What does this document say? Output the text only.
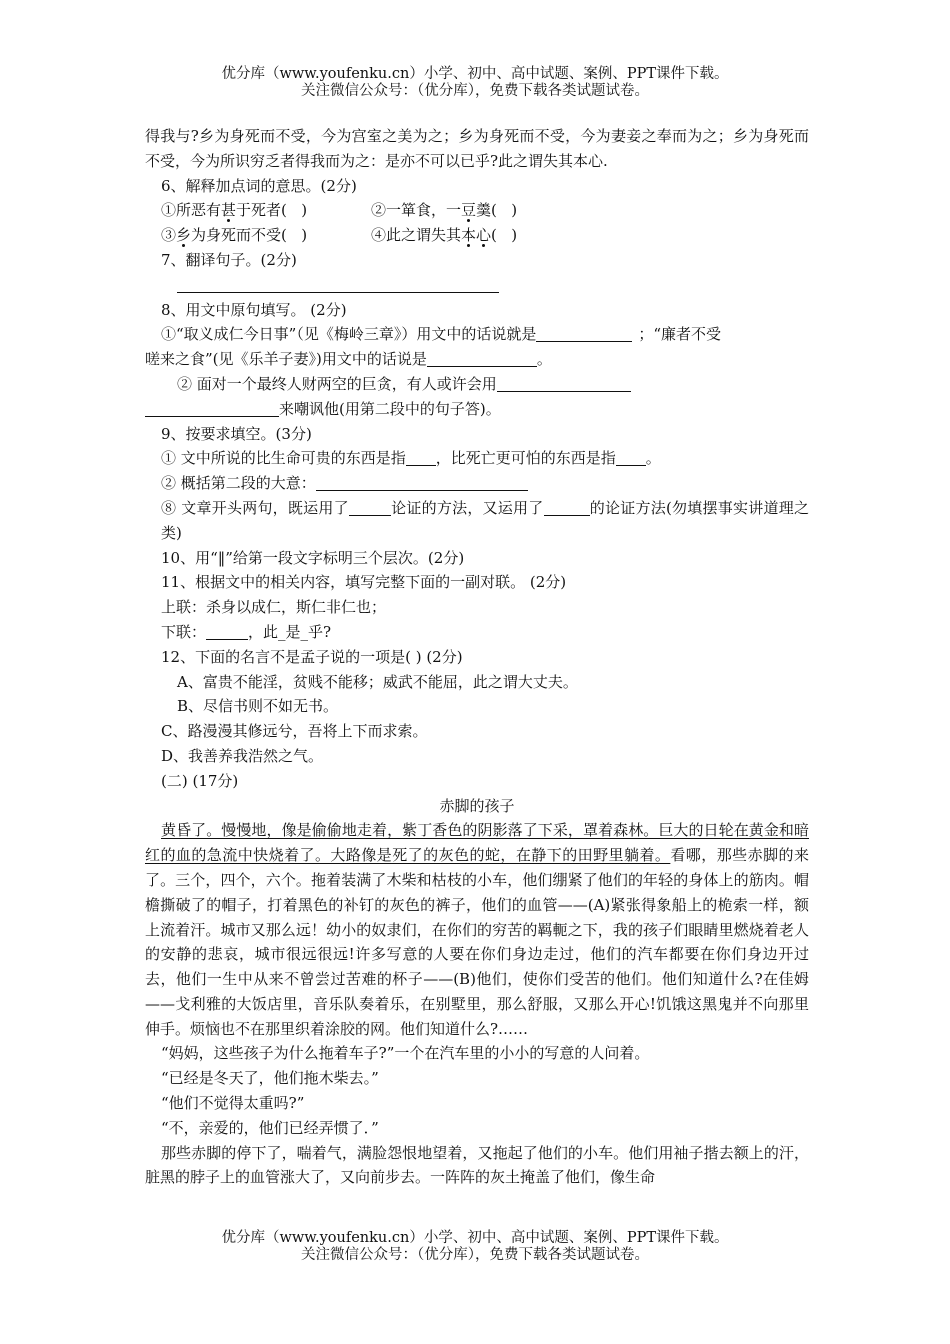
优分库（www.youfenku.cn）小学、初中、高中试题、案例、PPT课件下载。
关注微信公众号：（优分库），免费下载各类试题试卷。

得我与?乡为身死而不受，今为宫室之美为之；乡为身死而不受，今为妻妾之奉而为之；乡为身死而不受，今为所识穷乏者得我而为之：是亦不可以已乎?此之谓失其本心.

6、解释加点词的意思。(2分)

①所恶有甚于死者(   )	②一箪食，一豆羹(   )
③乡为身死而不受(   )	④此之谓失其本心(   )

7、翻译句子。(2分)

8、用文中原句填写。 (2分)

①“取义成仁今日事”（见《梅岭三章》）用文中的话说就是	；“廉者不受

嗟来之食”(见《乐羊子妻》)用文中的话说是	。

② 面对一个最终人财两空的巨贪，有人或许会用

来嘲讽他(用第二段中的句子答)。

9、按要求填空。(3分)

① 文中所说的比生命可贵的东西是指 ，比死亡更可怕的东西是指 。

② 概括第二段的大意：

⑧ 文章开头两句，既运用了	论证的方法，又运用了	的论证方法(勿填摆事实讲道理之类)

10、用“‖”给第一段文字标明三个层次。(2分)

11、根据文中的相关内容，填写完整下面的一副对联。 (2分)

上联：杀身以成仁，斯仁非仁也；

下联：	，此_是_乎?

12、下面的名言不是孟子说的一项是( ) (2分)

A、富贵不能淫，贫贱不能移；威武不能屈，此之谓大丈夫。

B、尽信书则不如无书。

C、路漫漫其修远兮，吾将上下而求索。

D、我善养我浩然之气。

(二) (17分)

赤脚的孩子

黄昏了。慢慢地，像是偷偷地走着，紫丁香色的阴影落了下采，罩着森林。巨大的日轮在黄金和暗红的血的急流中快烧着了。大路像是死了的灰色的蛇，在静下的田野里躺着。看哪，那些赤脚的来了。三个，四个，六个。拖着装满了木柴和枯枝的小车，他们绷紧了他们的年轻的身体上的筋肉。帽檐撕破了的帽子，打着黑色的补钉的灰色的裤子，他们的血管——(A)紧张得象船上的桅索一样，额上流着汗。城市又那么远！幼小的奴隶们，在你们的穷苦的羁軛之下，我的孩子们眼睛里燃烧着老人的安静的悲哀，城市很远很远!许多写意的人要在你们身边走过，他们的汽车都要在你们身边开过去，他们一生中从来不曾尝过苦难的杯子——(B)他们，使你们受苦的他们。他们知道什么?在佳姆——戈利雅的大饭店里，音乐队奏着乐，在别墅里，那么舒服，又那么开心!饥饿这黑鬼并不向那里伸手。烦恼也不在那里织着涂胶的网。他们知道什么?……

“妈妈，这些孩子为什么拖着车子?”一个在汽车里的小小的写意的人问着。

“已经是冬天了，他们拖木柴去。”

“他们不觉得太重吗?”

“不，亲爱的，他们已经弄惯了．”

那些赤脚的停下了，喘着气，满脸怨恨地望着，又拖起了他们的小车。他们用袖子揩去额上的汗，脏黑的脖子上的血管涨大了，又向前步去。一阵阵的灰土掩盖了他们，像生命

优分库（www.youfenku.cn）小学、初中、高中试题、案例、PPT课件下载。
关注微信公众号：（优分库），免费下载各类试题试卷。
